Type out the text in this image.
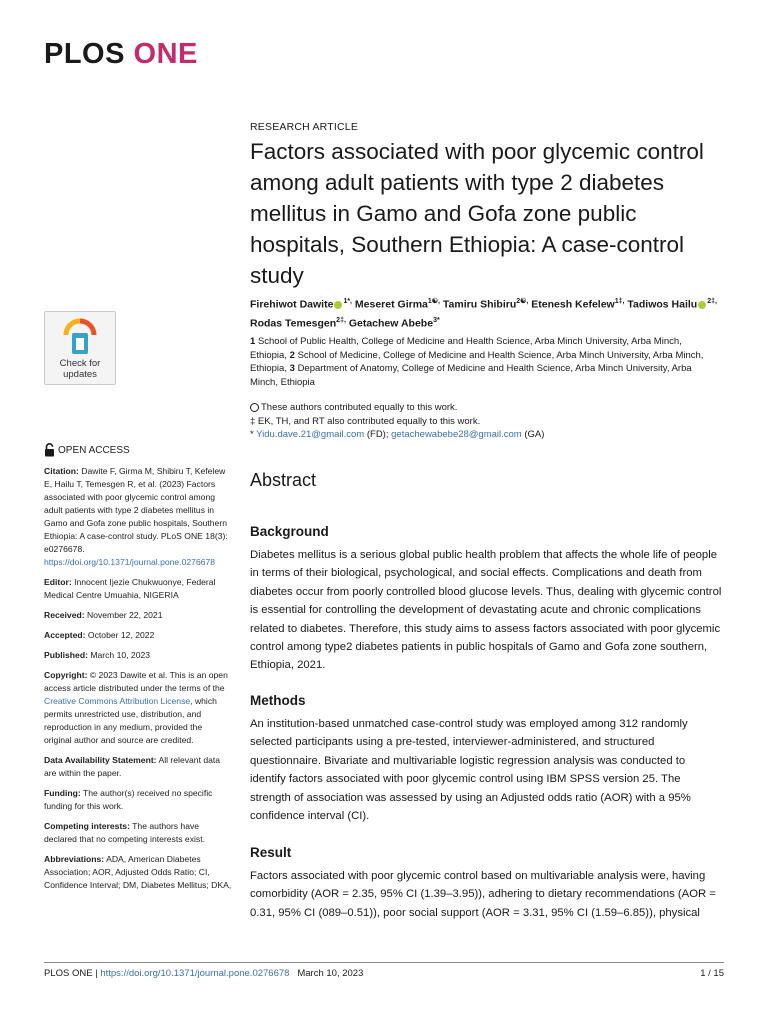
PLOS ONE
RESEARCH ARTICLE
Factors associated with poor glycemic control among adult patients with type 2 diabetes mellitus in Gamo and Gofa zone public hospitals, Southern Ethiopia: A case-control study
Firehiwot Dawite $^{1*,}$ Meseret Girma$^{1☯,}$ Tamiru Shibiru$^{2☯,}$ Etenesh Kefelew$^{1\ddagger,}$ Tadiwos Hailu $^{2\ddagger,}$ Rodas Temesgen$^{2\ddagger,}$ Getachew Abebe$^{3*}$
1 School of Public Health, College of Medicine and Health Science, Arba Minch University, Arba Minch, Ethiopia, 2 School of Medicine, College of Medicine and Health Science, Arba Minch University, Arba Minch, Ethiopia, 3 Department of Anatomy, College of Medicine and Health Science, Arba Minch University, Arba Minch, Ethiopia
These authors contributed equally to this work.
‡ EK, TH, and RT also contributed equally to this work.
* Yidu.dave.21@gmail.com (FD); getachewabebe28@gmail.com (GA)
Check for
updates
OPEN ACCESS

Citation: Dawite F, Girma M, Shibiru T, Kefelew E, Hailu T, Temesgen R, et al. (2023) Factors associated with poor glycemic control among adult patients with type 2 diabetes mellitus in Gamo and Gofa zone public hospitals, Southern Ethiopia: A case-control study. PLoS ONE 18(3): e0276678. https://doi.org/10.1371/journal.pone.0276678

Editor: Innocent Ijezie Chukwuonye, Federal Medical Centre Umuahia, NIGERIA

Received: November 22, 2021

Accepted: October 12, 2022

Published: March 10, 2023

Copyright: © 2023 Dawite et al. This is an open access article distributed under the terms of the Creative Commons Attribution License, which permits unrestricted use, distribution, and reproduction in any medium, provided the original author and source are credited.

Data Availability Statement: All relevant data are within the paper.

Funding: The author(s) received no specific funding for this work.

Competing interests: The authors have declared that no competing interests exist.

Abbreviations: ADA, American Diabetes Association; AOR, Adjusted Odds Ratio; CI, Confidence Interval; DM, Diabetes Mellitus; DKA,

Abstract
Background

Diabetes mellitus is a serious global public health problem that affects the whole life of people in terms of their biological, psychological, and social effects. Complications and death from diabetes occur from poorly controlled blood glucose levels. Thus, dealing with glycemic control is essential for controlling the development of devastating acute and chronic complications related to diabetes. Therefore, this study aims to assess factors associated with poor glycemic control among type2 diabetes patients in public hospitals of Gamo and Gofa zone southern, Ethiopia, 2021.

Methods

An institution-based unmatched case-control study was employed among 312 randomly selected participants using a pre-tested, interviewer-administered, and structured questionnaire. Bivariate and multivariable logistic regression analysis was conducted to identify factors associated with poor glycemic control using IBM SPSS version 25. The strength of association was assessed by using an Adjusted odds ratio (AOR) with a 95% confidence interval (CI).

Result

Factors associated with poor glycemic control based on multivariable analysis were, having comorbidity (AOR = 2.35, 95% CI (1.39–3.95)), adhering to dietary recommendations (AOR = 0.31, 95% CI (089–0.51)), poor social support (AOR = 3.31, 95% CI (1.59–6.85)), physical

PLOS ONE | https://doi.org/10.1371/journal.pone.0276678   March 10, 2023	1 / 15
